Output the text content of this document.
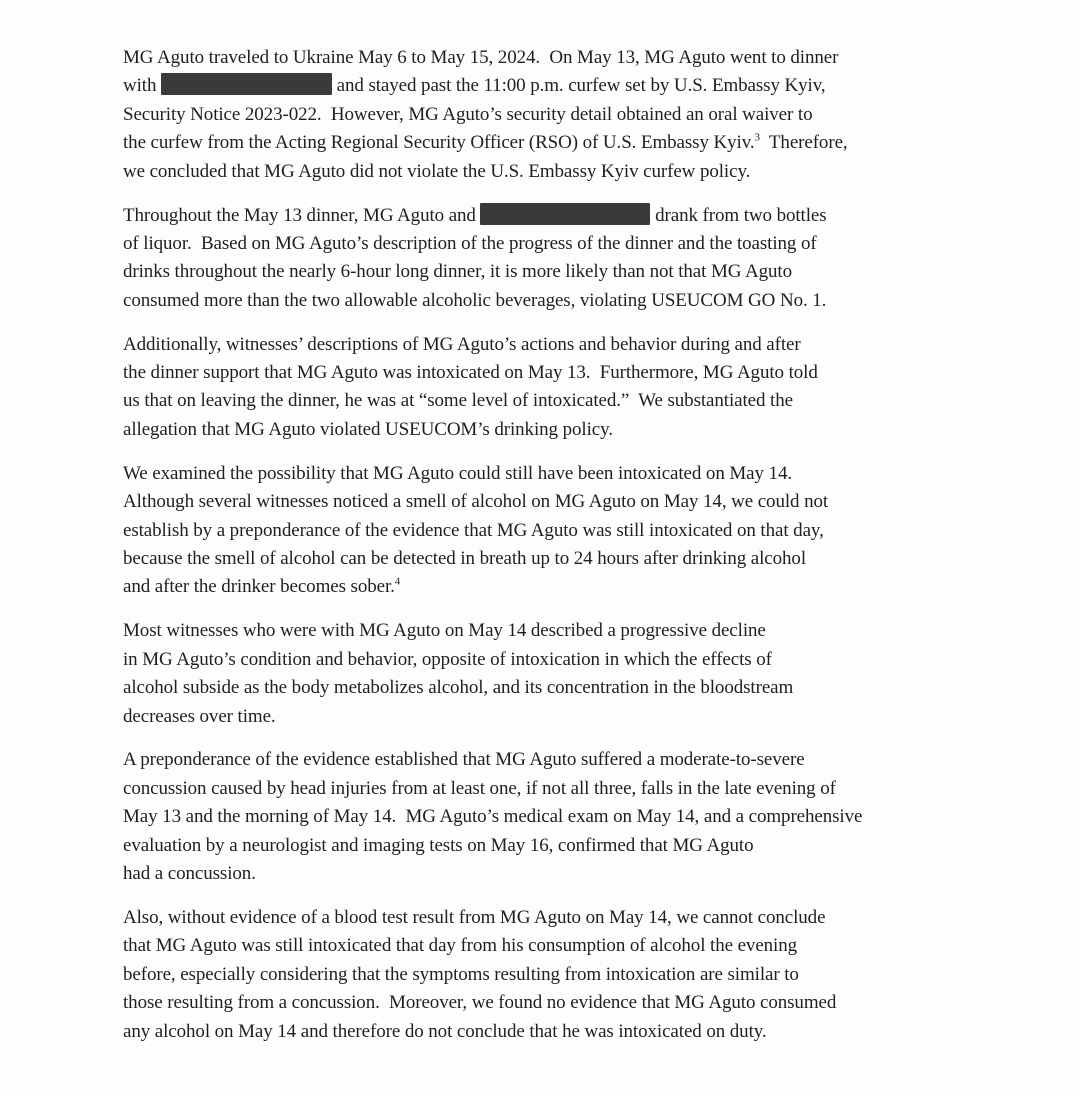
MG Aguto traveled to Ukraine May 6 to May 15, 2024.  On May 13, MG Aguto went to dinner
with	and stayed past the 11:00 p.m. curfew set by U.S. Embassy Kyiv,
Security Notice 2023-022.  However, MG Aguto’s security detail obtained an oral waiver to
the curfew from the Acting Regional Security Officer (RSO) of U.S. Embassy Kyiv.$^3$  Therefore,
we concluded that MG Aguto did not violate the U.S. Embassy Kyiv curfew policy.

Throughout the May 13 dinner, MG Aguto and	drank from two bottles
of liquor.  Based on MG Aguto’s description of the progress of the dinner and the toasting of
drinks throughout the nearly 6-hour long dinner, it is more likely than not that MG Aguto
consumed more than the two allowable alcoholic beverages, violating USEUCOM GO No. 1.

Additionally, witnesses’ descriptions of MG Aguto’s actions and behavior during and after
the dinner support that MG Aguto was intoxicated on May 13.  Furthermore, MG Aguto told
us that on leaving the dinner, he was at “some level of intoxicated.”  We substantiated the
allegation that MG Aguto violated USEUCOM’s drinking policy.

We examined the possibility that MG Aguto could still have been intoxicated on May 14.
Although several witnesses noticed a smell of alcohol on MG Aguto on May 14, we could not
establish by a preponderance of the evidence that MG Aguto was still intoxicated on that day,
because the smell of alcohol can be detected in breath up to 24 hours after drinking alcohol
and after the drinker becomes sober.$^4$

Most witnesses who were with MG Aguto on May 14 described a progressive decline
in MG Aguto’s condition and behavior, opposite of intoxication in which the effects of
alcohol subside as the body metabolizes alcohol, and its concentration in the bloodstream
decreases over time.

A preponderance of the evidence established that MG Aguto suffered a moderate-to-severe
concussion caused by head injuries from at least one, if not all three, falls in the late evening of
May 13 and the morning of May 14.  MG Aguto’s medical exam on May 14, and a comprehensive
evaluation by a neurologist and imaging tests on May 16, confirmed that MG Aguto
had a concussion.

Also, without evidence of a blood test result from MG Aguto on May 14, we cannot conclude
that MG Aguto was still intoxicated that day from his consumption of alcohol the evening
before, especially considering that the symptoms resulting from intoxication are similar to
those resulting from a concussion.  Moreover, we found no evidence that MG Aguto consumed
any alcohol on May 14 and therefore do not conclude that he was intoxicated on duty.
